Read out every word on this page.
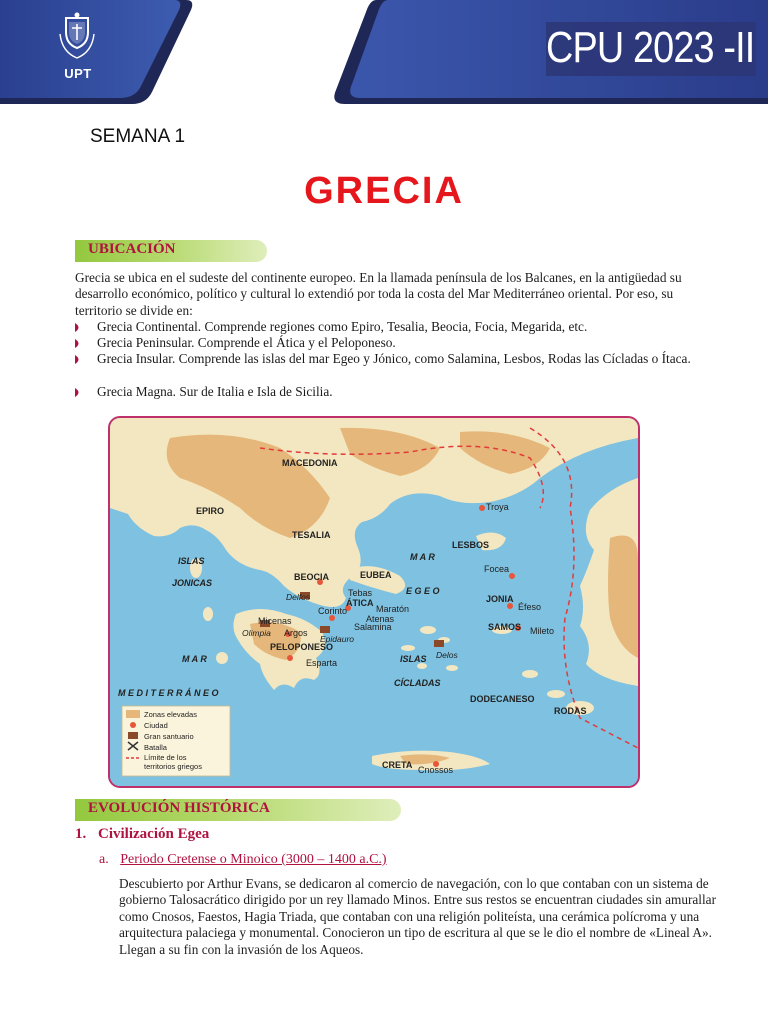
UPT
CPU 2023 -II
SEMANA 1
GRECIA
UBICACIÓN
Grecia se ubica en el sudeste del continente europeo. En la llamada península de los Balcanes, en la antigüedad su desarrollo económico, político y cultural lo extendió por toda la costa del Mar Mediterráneo oriental. Por eso, su territorio se divide en:
Grecia Continental. Comprende regiones como Epiro, Tesalia, Beocia, Focia, Megarida, etc.
Grecia Peninsular. Comprende el Ática y el Peloponeso.
Grecia Insular. Comprende las islas del mar Egeo y Jónico, como Salamina, Lesbos, Rodas las Cícladas o Ítaca.
Grecia Magna. Sur de Italia e Isla de Sicilia.
MACEDONIA
EPIRO
TESALIA
Troya
LESBOS
ISLAS
JONICAS
M A R
E G E O
BEOCIA	EUBEA
Focea
Tebas
Delfos
ÁTICA	JONIA
Corinto	Maratón	Éfeso
Atenas
Micenas
Salamina	SAMOS Mileto
Olimpia Argos
Epidauro
PELOPONESO
Delos
M A R	Esparta	ISLAS
CÍCLADAS
M E D I T E R R Á N E O
DODECANESO
RODAS
CRETA Cnossos
Zonas elevadas
Ciudad
Gran santuario
Batalla
Límite de los territorios griegos
EVOLUCIÓN HISTÓRICA
1. Civilización Egea
a. Periodo Cretense o Minoico (3000 – 1400 a.C.)
Descubierto por Arthur Evans, se dedicaron al comercio de navegación, con lo que contaban con un sistema de gobierno Talosacrático dirigido por un rey llamado Minos. Entre sus restos se encuentran ciudades sin amurallar como Cnosos, Faestos, Hagia Triada, que contaban con una religión politeísta, una cerámica polícroma y una arquitectura palaciega y monumental. Conocieron un tipo de escritura al que se le dio el nombre de «Lineal A». Llegan a su fin con la invasión de los Aqueos.
